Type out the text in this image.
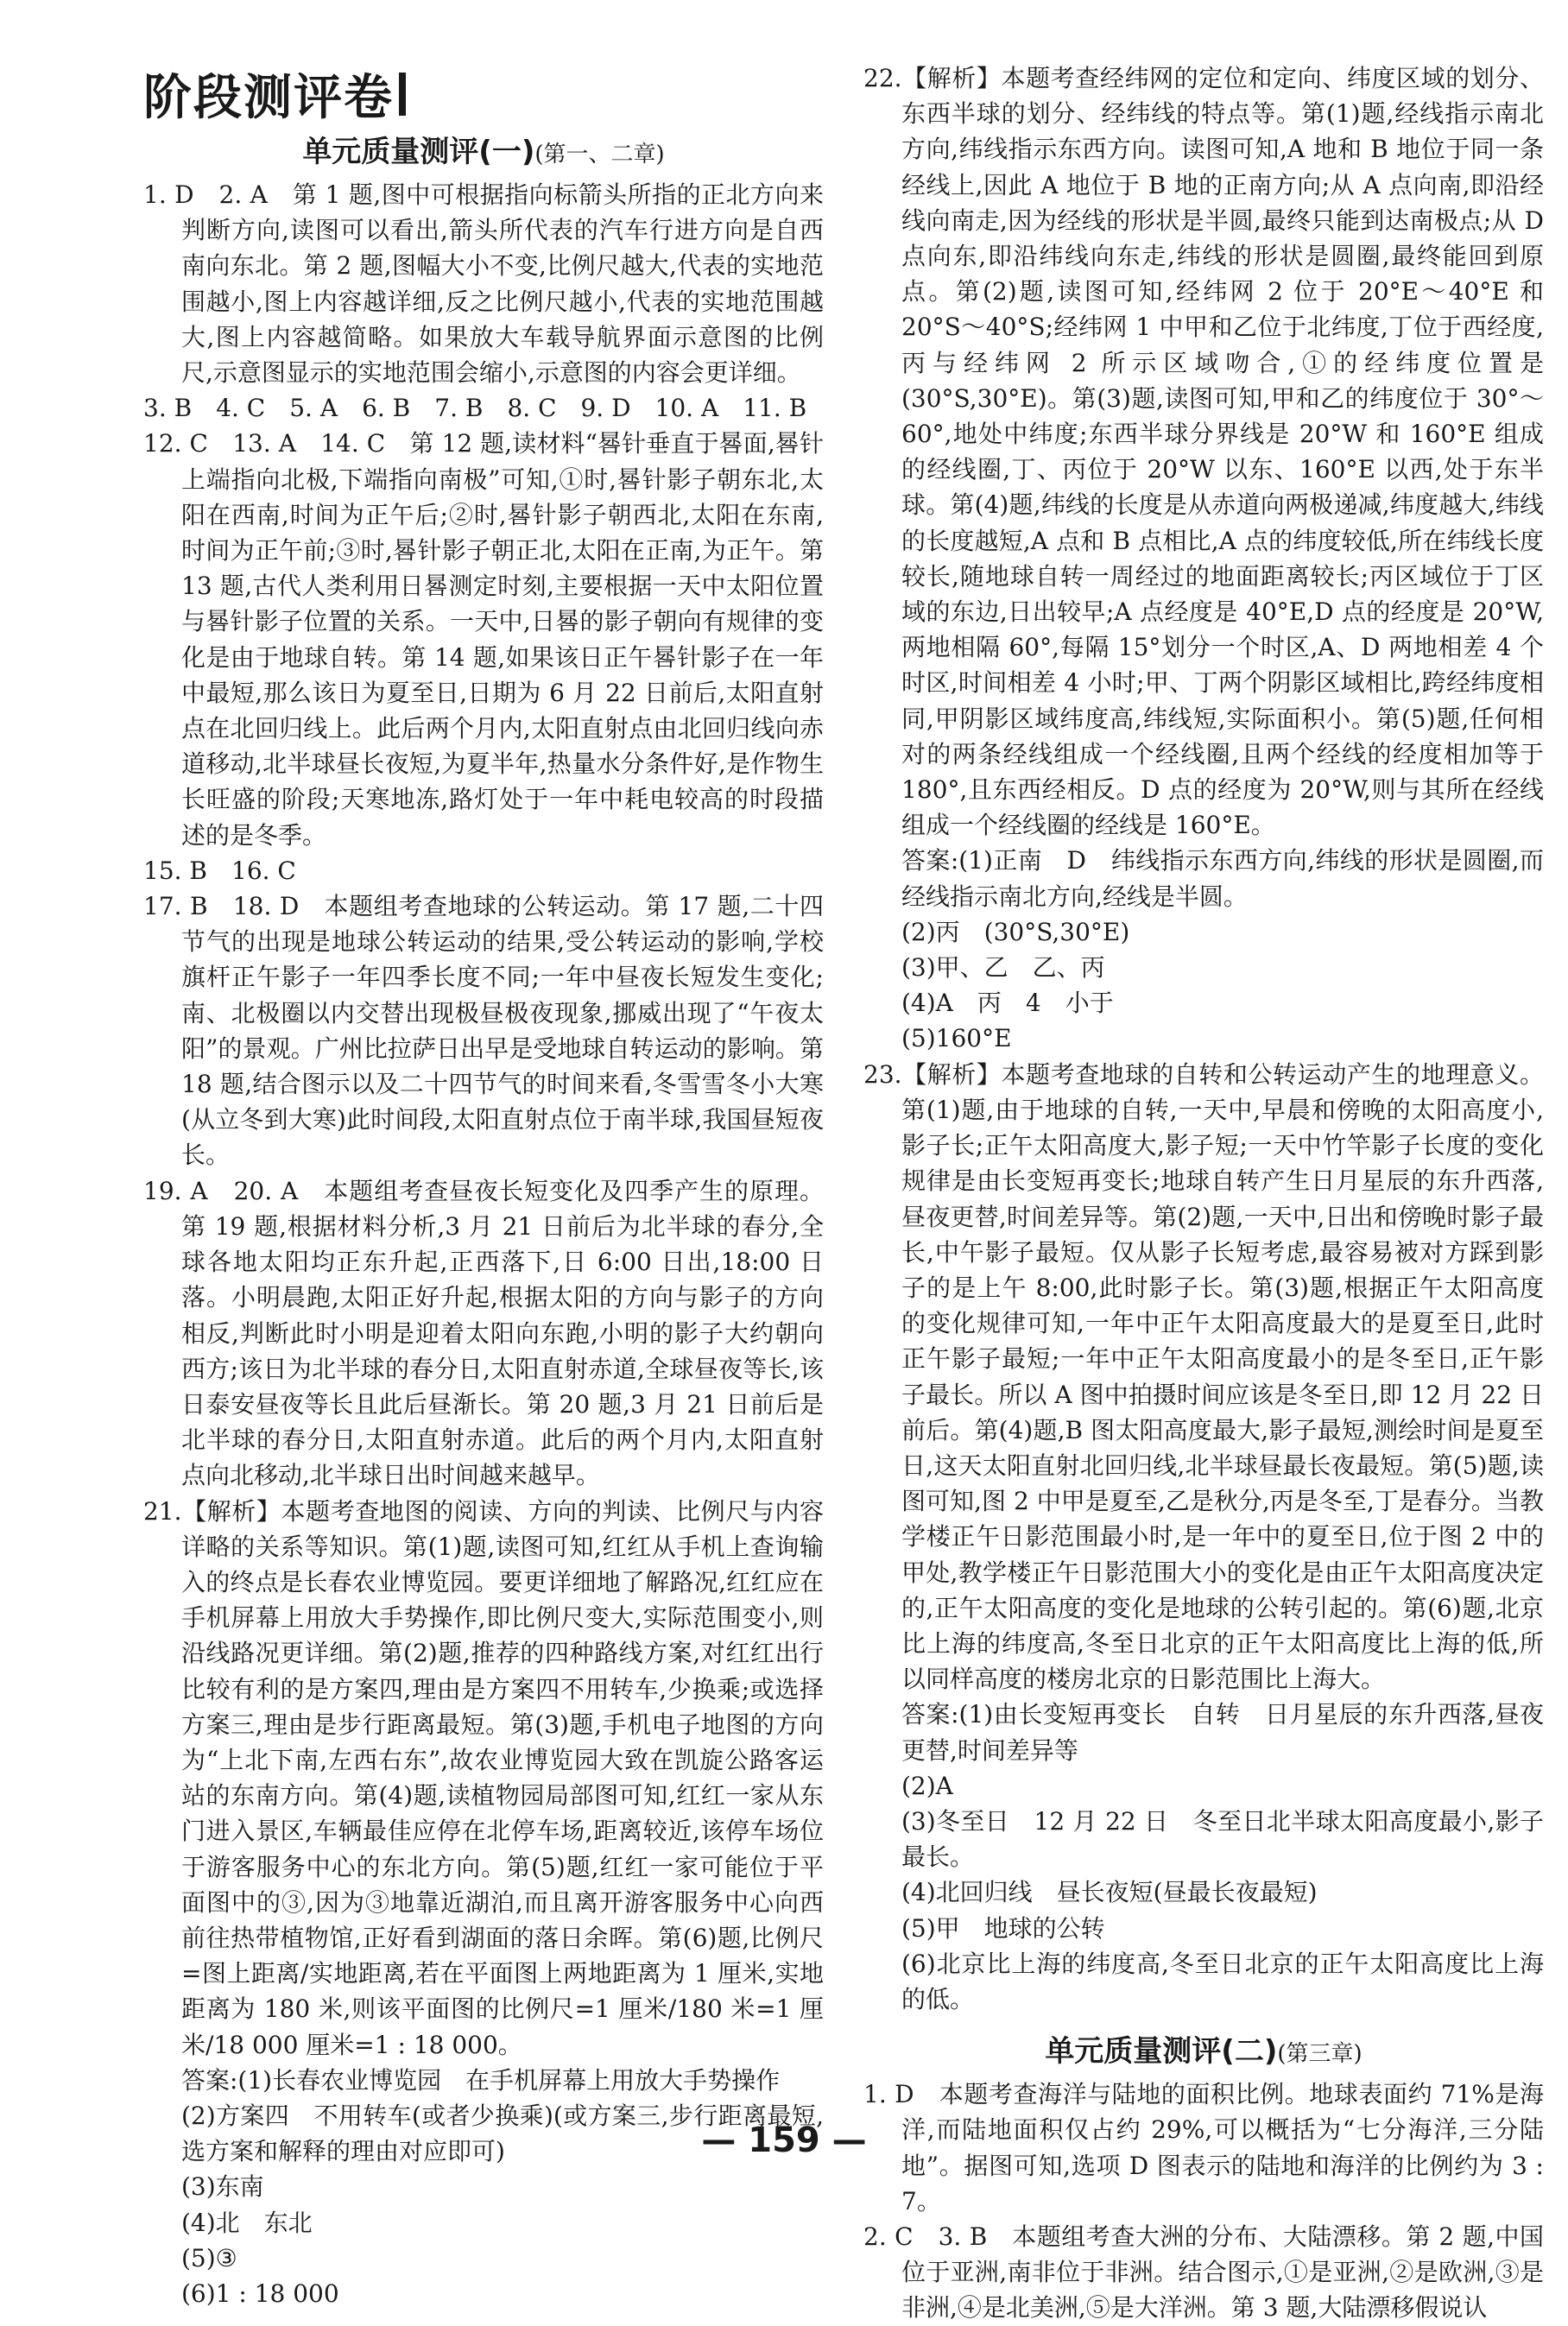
阶段测评卷
单元质量测评(一)(第一、二章)

1. D　2. A　第 1 题,图中可根据指向标箭头所指的正北方向来判断方向,读图可以看出,箭头所代表的汽车行进方向是自西南向东北。第 2 题,图幅大小不变,比例尺越大,代表的实地范围越小,图上内容越详细,反之比例尺越小,代表的实地范围越大,图上内容越简略。如果放大车载导航界面示意图的比例尺,示意图显示的实地范围会缩小,示意图的内容会更详细。

3. B　4. C　5. A　6. B　7. B　8. C　9. D　10. A　11. B

12. C　13. A　14. C　第 12 题,读材料“晷针垂直于晷面,晷针上端指向北极,下端指向南极”可知,①时,晷针影子朝东北,太阳在西南,时间为正午后;②时,晷针影子朝西北,太阳在东南,时间为正午前;③时,晷针影子朝正北,太阳在正南,为正午。第 13 题,古代人类利用日晷测定时刻,主要根据一天中太阳位置与晷针影子位置的关系。一天中,日晷的影子朝向有规律的变化是由于地球自转。第 14 题,如果该日正午晷针影子在一年中最短,那么该日为夏至日,日期为 6 月 22 日前后,太阳直射点在北回归线上。此后两个月内,太阳直射点由北回归线向赤道移动,北半球昼长夜短,为夏半年,热量水分条件好,是作物生长旺盛的阶段;天寒地冻,路灯处于一年中耗电较高的时段描述的是冬季。

15. B　16. C

17. B　18. D　本题组考查地球的公转运动。第 17 题,二十四节气的出现是地球公转运动的结果,受公转运动的影响,学校旗杆正午影子一年四季长度不同;一年中昼夜长短发生变化;南、北极圈以内交替出现极昼极夜现象,挪威出现了“午夜太阳”的景观。广州比拉萨日出早是受地球自转运动的影响。第 18 题,结合图示以及二十四节气的时间来看,冬雪雪冬小大寒(从立冬到大寒)此时间段,太阳直射点位于南半球,我国昼短夜长。

19. A　20. A　本题组考查昼夜长短变化及四季产生的原理。第 19 题,根据材料分析,3 月 21 日前后为北半球的春分,全球各地太阳均正东升起,正西落下,日 6:00 日出,18:00 日落。小明晨跑,太阳正好升起,根据太阳的方向与影子的方向相反,判断此时小明是迎着太阳向东跑,小明的影子大约朝向西方;该日为北半球的春分日,太阳直射赤道,全球昼夜等长,该日泰安昼夜等长且此后昼渐长。第 20 题,3 月 21 日前后是北半球的春分日,太阳直射赤道。此后的两个月内,太阳直射点向北移动,北半球日出时间越来越早。

21.【解析】本题考查地图的阅读、方向的判读、比例尺与内容详略的关系等知识。第(1)题,读图可知,红红从手机上查询输入的终点是长春农业博览园。要更详细地了解路况,红红应在手机屏幕上用放大手势操作,即比例尺变大,实际范围变小,则沿线路况更详细。第(2)题,推荐的四种路线方案,对红红出行比较有利的是方案四,理由是方案四不用转车,少换乘;或选择方案三,理由是步行距离最短。第(3)题,手机电子地图的方向为“上北下南,左西右东”,故农业博览园大致在凯旋公路客运站的东南方向。第(4)题,读植物园局部图可知,红红一家从东门进入景区,车辆最佳应停在北停车场,距离较近,该停车场位于游客服务中心的东北方向。第(5)题,红红一家可能位于平面图中的③,因为③地靠近湖泊,而且离开游客服务中心向西前往热带植物馆,正好看到湖面的落日余晖。第(6)题,比例尺=图上距离/实地距离,若在平面图上两地距离为 1 厘米,实地距离为 180 米,则该平面图的比例尺=1 厘米/180 米=1 厘米/18 000 厘米=1 : 18 000。

答案:(1)长春农业博览园　在手机屏幕上用放大手势操作

(2)方案四　不用转车(或者少换乘)(或方案三,步行距离最短,选方案和解释的理由对应即可)

(3)东南

(4)北　东北

(5)③

(6)1 : 18 000

22.【解析】本题考查经纬网的定位和定向、纬度区域的划分、东西半球的划分、经纬线的特点等。第(1)题,经线指示南北方向,纬线指示东西方向。读图可知,A 地和 B 地位于同一条经线上,因此 A 地位于 B 地的正南方向;从 A 点向南,即沿经线向南走,因为经线的形状是半圆,最终只能到达南极点;从 D 点向东,即沿纬线向东走,纬线的形状是圆圈,最终能回到原点。第(2)题,读图可知,经纬网 2 位于 20°E～40°E 和 20°S～40°S;经纬网 1 中甲和乙位于北纬度,丁位于西经度,丙与经纬网 2 所示区域吻合,①的经纬度位置是(30°S,30°E)。第(3)题,读图可知,甲和乙的纬度位于 30°～60°,地处中纬度;东西半球分界线是 20°W 和 160°E 组成的经线圈,丁、丙位于 20°W 以东、160°E 以西,处于东半球。第(4)题,纬线的长度是从赤道向两极递减,纬度越大,纬线的长度越短,A 点和 B 点相比,A 点的纬度较低,所在纬线长度较长,随地球自转一周经过的地面距离较长;丙区域位于丁区域的东边,日出较早;A 点经度是 40°E,D 点的经度是 20°W,两地相隔 60°,每隔 15°划分一个时区,A、D 两地相差 4 个时区,时间相差 4 小时;甲、丁两个阴影区域相比,跨经纬度相同,甲阴影区域纬度高,纬线短,实际面积小。第(5)题,任何相对的两条经线组成一个经线圈,且两个经线的经度相加等于 180°,且东西经相反。D 点的经度为 20°W,则与其所在经线组成一个经线圈的经线是 160°E。

答案:(1)正南　D　纬线指示东西方向,纬线的形状是圆圈,而经线指示南北方向,经线是半圆。

(2)丙　(30°S,30°E)

(3)甲、乙　乙、丙

(4)A　丙　4　小于

(5)160°E

23.【解析】本题考查地球的自转和公转运动产生的地理意义。第(1)题,由于地球的自转,一天中,早晨和傍晚的太阳高度小,影子长;正午太阳高度大,影子短;一天中竹竿影子长度的变化规律是由长变短再变长;地球自转产生日月星辰的东升西落,昼夜更替,时间差异等。第(2)题,一天中,日出和傍晚时影子最长,中午影子最短。仅从影子长短考虑,最容易被对方踩到影子的是上午 8:00,此时影子长。第(3)题,根据正午太阳高度的变化规律可知,一年中正午太阳高度最大的是夏至日,此时正午影子最短;一年中正午太阳高度最小的是冬至日,正午影子最长。所以 A 图中拍摄时间应该是冬至日,即 12 月 22 日前后。第(4)题,B 图太阳高度最大,影子最短,测绘时间是夏至日,这天太阳直射北回归线,北半球昼最长夜最短。第(5)题,读图可知,图 2 中甲是夏至,乙是秋分,丙是冬至,丁是春分。当教学楼正午日影范围最小时,是一年中的夏至日,位于图 2 中的甲处,教学楼正午日影范围大小的变化是由正午太阳高度决定的,正午太阳高度的变化是地球的公转引起的。第(6)题,北京比上海的纬度高,冬至日北京的正午太阳高度比上海的低,所以同样高度的楼房北京的日影范围比上海大。

答案:(1)由长变短再变长　自转　日月星辰的东升西落,昼夜更替,时间差异等

(2)A

(3)冬至日　12 月 22 日　冬至日北半球太阳高度最小,影子最长。

(4)北回归线　昼长夜短(昼最长夜最短)

(5)甲　地球的公转

(6)北京比上海的纬度高,冬至日北京的正午太阳高度比上海的低。

单元质量测评(二)(第三章)

1. D　本题考查海洋与陆地的面积比例。地球表面约 71%是海洋,而陆地面积仅占约 29%,可以概括为“七分海洋,三分陆地”。据图可知,选项 D 图表示的陆地和海洋的比例约为 3 : 7。

2. C　3. B　本题组考查大洲的分布、大陆漂移。第 2 题,中国位于亚洲,南非位于非洲。结合图示,①是亚洲,②是欧洲,③是非洲,④是北美洲,⑤是大洋洲。第 3 题,大陆漂移假说认

— 159 —
